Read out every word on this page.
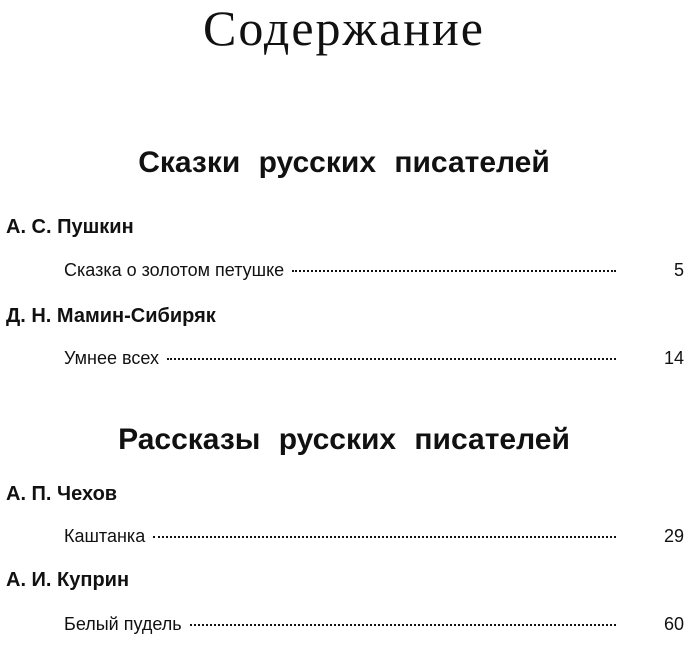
Содержание
Сказки русских писателей
А. С. Пушкин
Сказка о золотом петушке	5
Д. Н. Мамин-Сибиряк
Умнее всех	14
Рассказы русских писателей
А. П. Чехов
Каштанка	29
А. И. Куприн
Белый пудель	60
